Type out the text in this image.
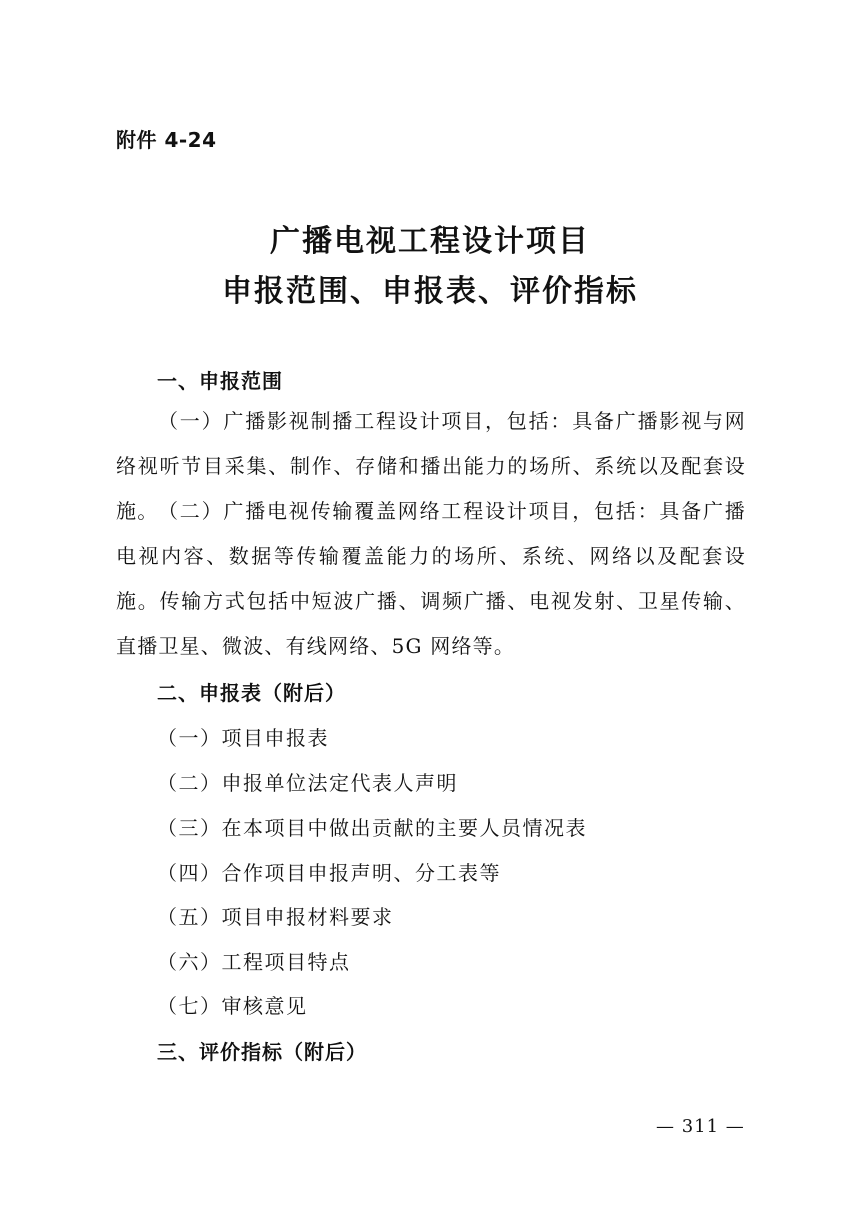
附件 4-24
广播电视工程设计项目
申报范围、申报表、评价指标
一、申报范围
（一）广播影视制播工程设计项目，包括：具备广播影视与网络视听节目采集、制作、存储和播出能力的场所、系统以及配套设施。 （二）广播电视传输覆盖网络工程设计项目，包括：具备广播电视内容、数据等传输覆盖能力的场所、系统、网络以及配套设施。传输方式包括中短波广播、调频广播、电视发射、卫星传输、直播卫星、微波、有线网络、5G 网络等。
二、申报表（附后）
（一）项目申报表
（二）申报单位法定代表人声明
（三）在本项目中做出贡献的主要人员情况表
（四）合作项目申报声明、分工表等
（五）项目申报材料要求
（六）工程项目特点
（七）审核意见
三、评价指标（附后）
— 311 —
